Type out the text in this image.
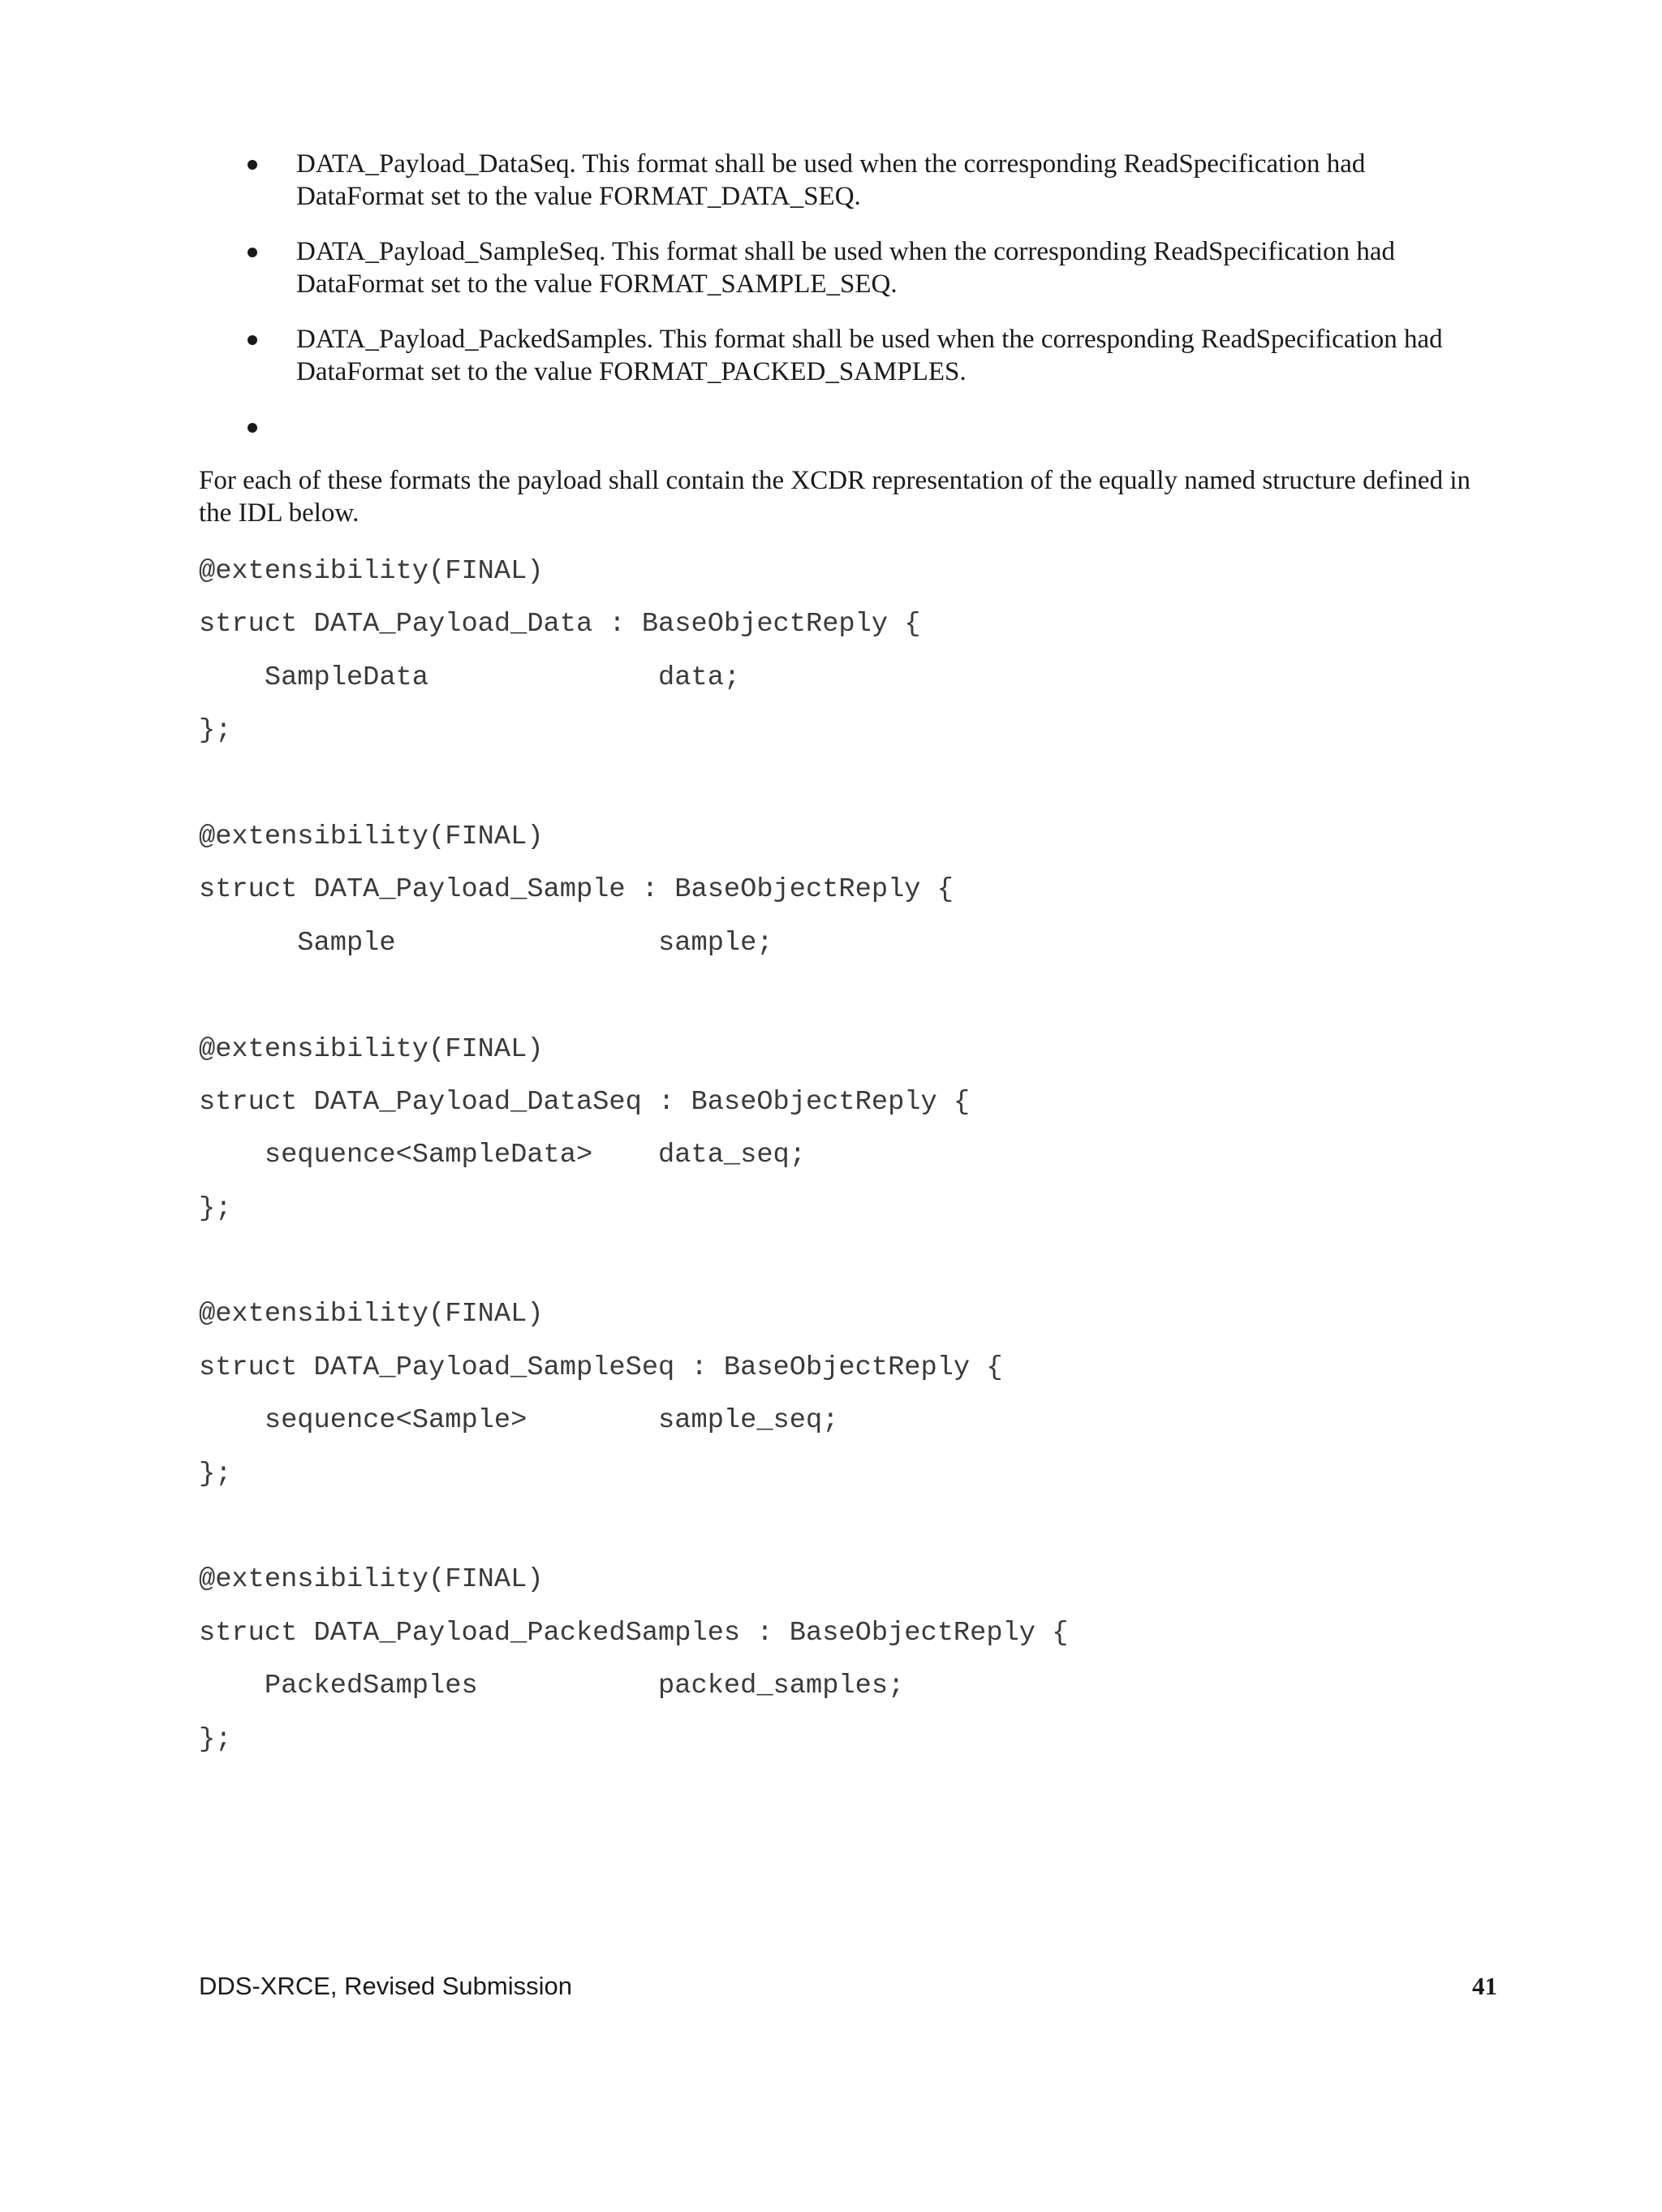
DATA_Payload_DataSeq. This format shall be used when the corresponding ReadSpecification had
DataFormat set to the value FORMAT_DATA_SEQ.
DATA_Payload_SampleSeq. This format shall be used when the corresponding ReadSpecification had
DataFormat set to the value FORMAT_SAMPLE_SEQ.
DATA_Payload_PackedSamples. This format shall be used when the corresponding ReadSpecification had
DataFormat set to the value FORMAT_PACKED_SAMPLES.

For each of these formats the payload shall contain the XCDR representation of the equally named structure defined in
the IDL below.

@extensibility(FINAL)
struct DATA_Payload_Data : BaseObjectReply {
SampleData              data;
};
@extensibility(FINAL)
struct DATA_Payload_Sample : BaseObjectReply {
Sample                sample;
@extensibility(FINAL)
struct DATA_Payload_DataSeq : BaseObjectReply {
sequence<SampleData>    data_seq;
};
@extensibility(FINAL)
struct DATA_Payload_SampleSeq : BaseObjectReply {
sequence<Sample>        sample_seq;
};
@extensibility(FINAL)
struct DATA_Payload_PackedSamples : BaseObjectReply {
PackedSamples           packed_samples;
};
DDS-XRCE, Revised Submission	41
